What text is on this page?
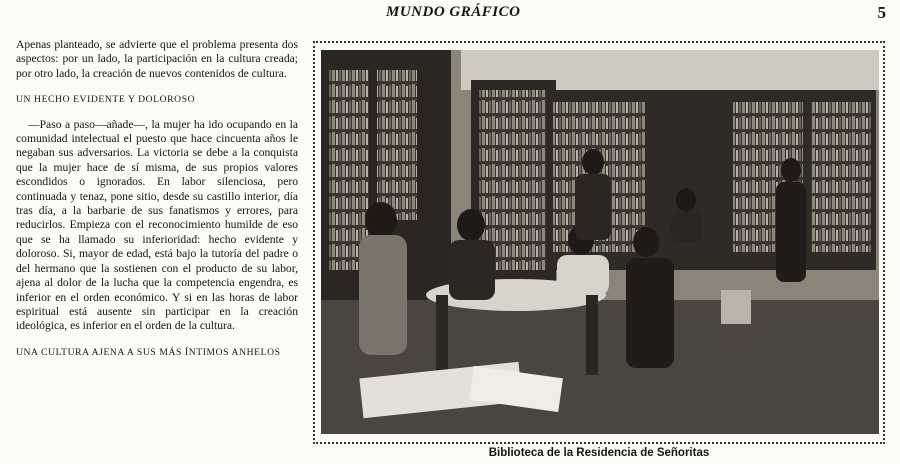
MUNDO GRÁFICO	5

Apenas planteado, se advierte que el problema presenta dos aspectos: por un lado, la participación en la cultura creada; por otro lado, la creación de nuevos contenidos de cultura.

UN HECHO EVIDENTE Y DOLOROSO

—Paso a paso—añade—, la mujer ha ido ocupando en la comunidad intelectual el puesto que hace cincuenta años le negaban sus adversarios. La victoria se debe a la conquista que la mujer hace de sí misma, de sus propios valores escondidos o ignorados. En labor silenciosa, pero continuada y tenaz, pone sitio, desde su castillo interior, día tras día, a la barbarie de sus fanatismos y errores, para reducirlos. Empieza con el reconocimiento humilde de eso que se ha llamado su inferioridad: hecho evidente y doloroso. Si, mayor de edad, está bajo la tutoría del padre o del hermano que la sostienen con el producto de su labor, ajena al dolor de la lucha que la competencia engendra, es inferior en el orden económico. Y si en las horas de labor espiritual está ausente sin participar en la creación ideológica, es inferior en el orden de la cultura.

UNA CULTURA AJENA A SUS MÁS ÍNTIMOS ANHELOS

Biblioteca de la Residencia de Señoritas
